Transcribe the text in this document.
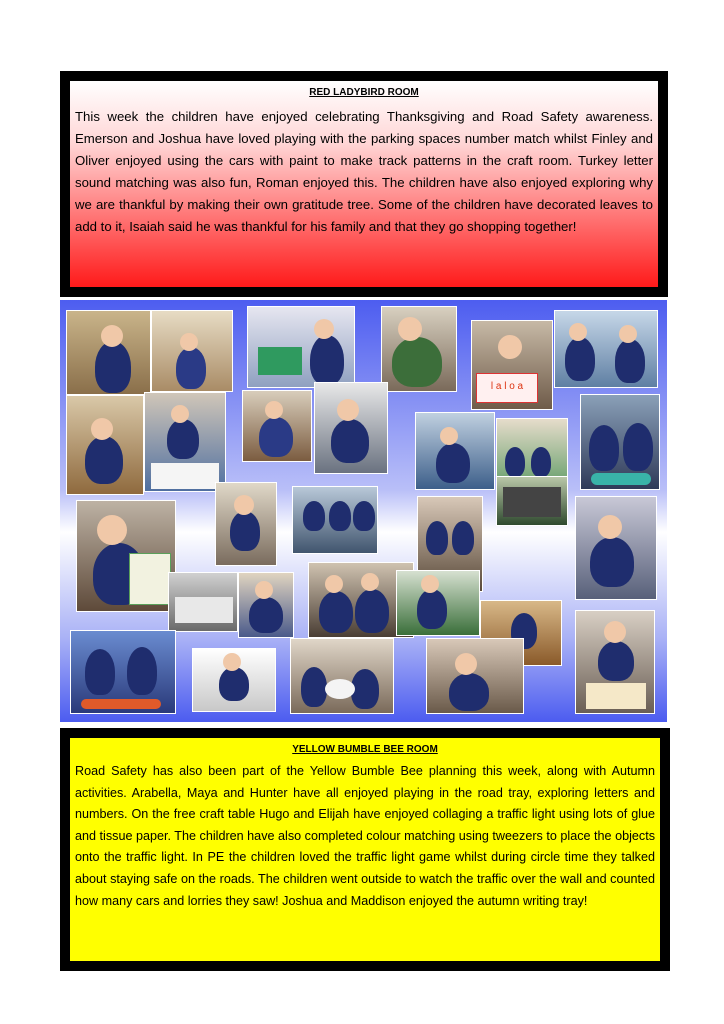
RED LADYBIRD ROOM

This week the children have enjoyed celebrating Thanksgiving and Road Safety awareness. Emerson and Joshua have loved playing with the parking spaces number match whilst Finley and Oliver enjoyed using the cars with paint to make track patterns in the craft room. Turkey letter sound matching was also fun, Roman enjoyed this. The children have also enjoyed exploring why we are thankful by making their own gratitude tree. Some of the children have decorated leaves to add to it, Isaiah said he was thankful for his family and that they go shopping together!

l a l o a

YELLOW BUMBLE BEE ROOM

Road Safety has also been part of the Yellow Bumble Bee planning this week, along with Autumn activities. Arabella, Maya and Hunter have all enjoyed playing in the road tray, exploring letters and numbers. On the free craft table Hugo and Elijah have enjoyed collaging a traffic light using lots of glue and tissue paper. The children have also completed colour matching using tweezers to place the objects onto the traffic light. In PE the children loved the traffic light game whilst during circle time they talked about staying safe on the roads. The children went outside to watch the traffic over the wall and counted how many cars and lorries they saw! Joshua and Maddison enjoyed the autumn writing tray!
